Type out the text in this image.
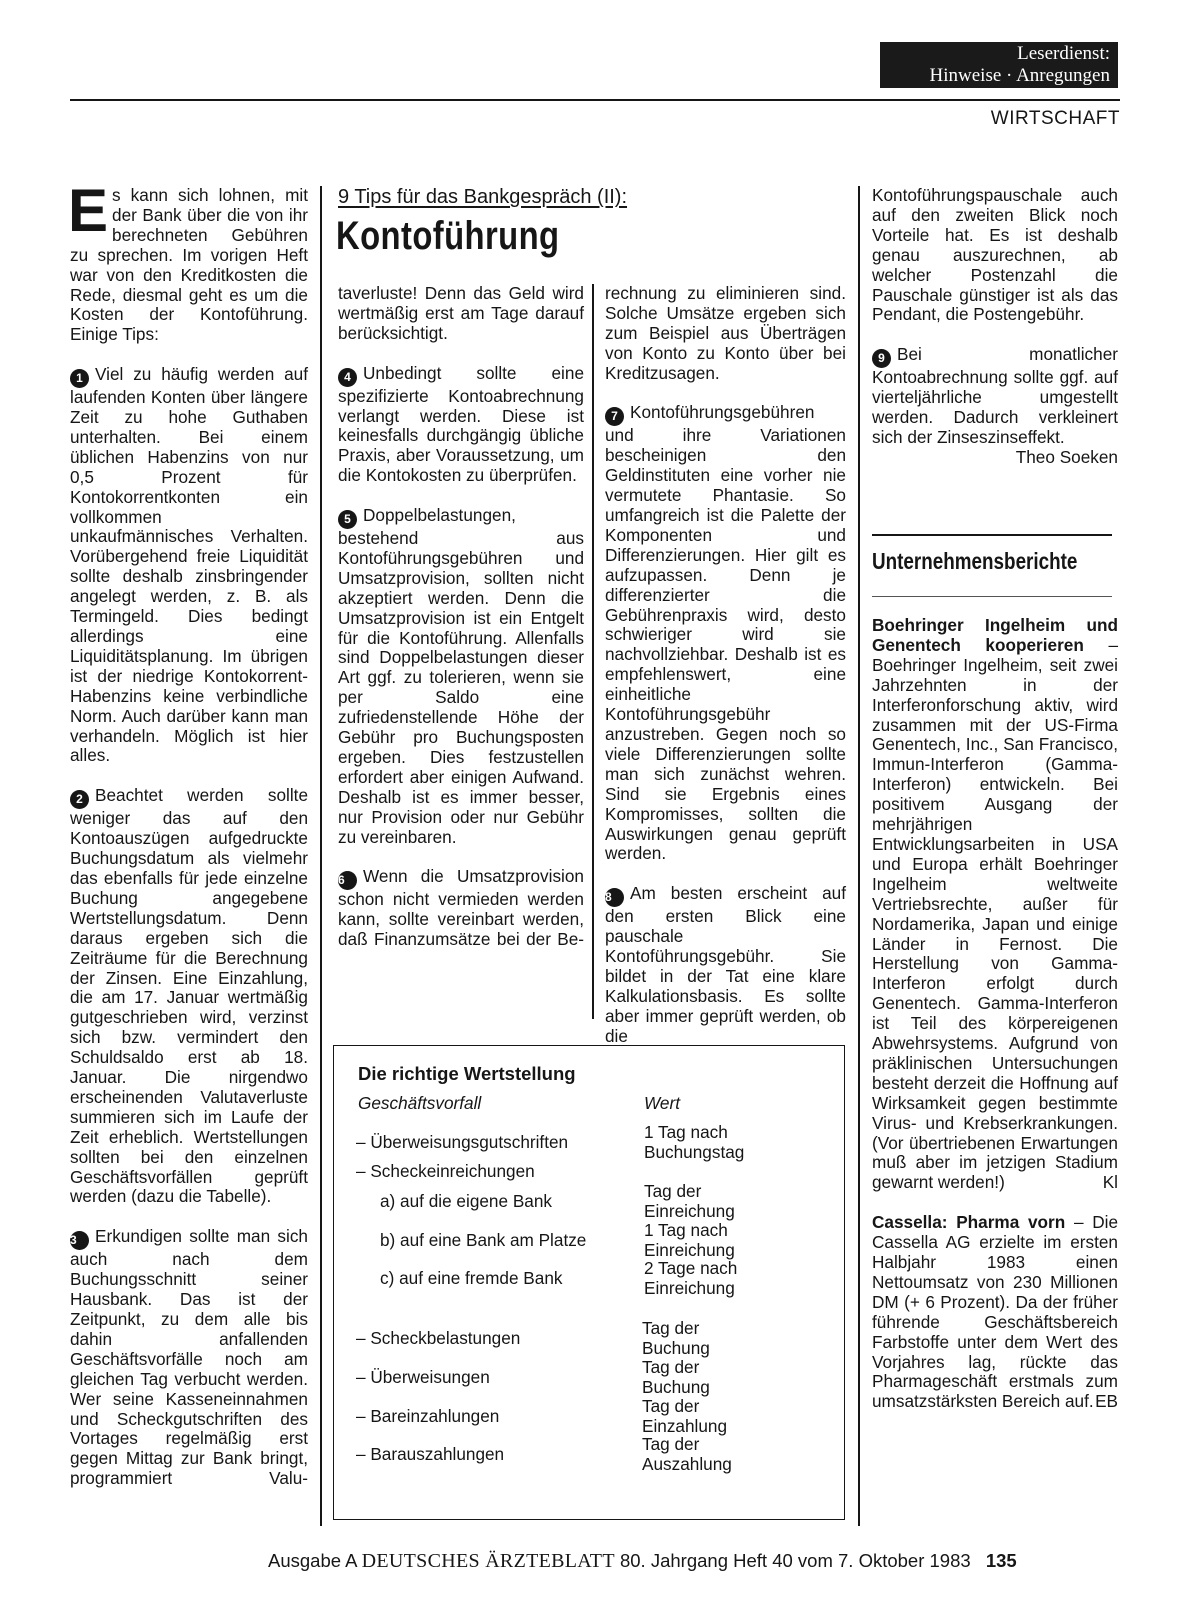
Leserdienst:
Hinweise · Anregungen
WIRTSCHAFT
9 Tips für das Bankgespräch (II):
Kontoführung

Es kann sich lohnen, mit der Bank über die von ihr berechneten Gebühren zu sprechen. Im vorigen Heft war von den Kreditkosten die Rede, diesmal geht es um die Kosten der Kontoführung. Einige Tips:

1 Viel zu häufig werden auf laufenden Konten über längere Zeit zu hohe Guthaben unterhalten. Bei einem üblichen Habenzins von nur 0,5 Prozent für Kontokorrentkonten ein vollkommen unkaufmännisches Verhalten. Vorübergehend freie Liquidität sollte deshalb zinsbringender angelegt werden, z. B. als Termingeld. Dies bedingt allerdings eine Liquiditätsplanung. Im übrigen ist der niedrige Kontokorrent-Habenzins keine verbindliche Norm. Auch darüber kann man verhandeln. Möglich ist hier alles.

2 Beachtet werden sollte weniger das auf den Kontoauszügen aufgedruckte Buchungsdatum als vielmehr das ebenfalls für jede einzelne Buchung angegebene Wertstellungsdatum. Denn daraus ergeben sich die Zeiträume für die Berechnung der Zinsen. Eine Einzahlung, die am 17. Januar wertmäßig gutgeschrieben wird, verzinst sich bzw. vermindert den Schuldsaldo erst ab 18. Januar. Die nirgendwo erscheinenden Valutaverluste summieren sich im Laufe der Zeit erheblich. Wertstellungen sollten bei den einzelnen Geschäftsvorfällen geprüft werden (dazu die Tabelle).

3 Erkundigen sollte man sich auch nach dem Buchungsschnitt seiner Hausbank. Das ist der Zeitpunkt, zu dem alle bis dahin anfallenden Geschäftsvorfälle noch am gleichen Tag verbucht werden. Wer seine Kasseneinnahmen und Scheckgutschriften des Vortages regelmäßig erst gegen Mittag zur Bank bringt, programmiert Valu-

taverluste! Denn das Geld wird wertmäßig erst am Tage darauf berücksichtigt.

4 Unbedingt sollte eine spezifizierte Kontoabrechnung verlangt werden. Diese ist keinesfalls durchgängig übliche Praxis, aber Voraussetzung, um die Kontokosten zu überprüfen.

5 Doppelbelastungen, bestehend aus Kontoführungsgebühren und Umsatzprovision, sollten nicht akzeptiert werden. Denn die Umsatzprovision ist ein Entgelt für die Kontoführung. Allenfalls sind Doppelbelastungen dieser Art ggf. zu tolerieren, wenn sie per Saldo eine zufriedenstellende Höhe der Gebühr pro Buchungsposten ergeben. Dies festzustellen erfordert aber einigen Aufwand. Deshalb ist es immer besser, nur Provision oder nur Gebühr zu vereinbaren.

6 Wenn die Umsatzprovision schon nicht vermieden werden kann, sollte vereinbart werden, daß Finanzumsätze bei der Be-

rechnung zu eliminieren sind. Solche Umsätze ergeben sich zum Beispiel aus Überträgen von Konto zu Konto über bei Kreditzusagen.

7 Kontoführungsgebühren und ihre Variationen bescheinigen den Geldinstituten eine vorher nie vermutete Phantasie. So umfangreich ist die Palette der Komponenten und Differenzierungen. Hier gilt es aufzupassen. Denn je differenzierter die Gebührenpraxis wird, desto schwieriger wird sie nachvollziehbar. Deshalb ist es empfehlenswert, eine einheitliche Kontoführungsgebühr anzustreben. Gegen noch so viele Differenzierungen sollte man sich zunächst wehren. Sind sie Ergebnis eines Kompromisses, sollten die Auswirkungen genau geprüft werden.

8 Am besten erscheint auf den ersten Blick eine pauschale Kontoführungsgebühr. Sie bildet in der Tat eine klare Kalkulationsbasis. Es sollte aber immer geprüft werden, ob die

Kontoführungspauschale auch auf den zweiten Blick noch Vorteile hat. Es ist deshalb genau auszurechnen, ab welcher Postenzahl die Pauschale günstiger ist als das Pendant, die Postengebühr.

9 Bei monatlicher Kontoabrechnung sollte ggf. auf vierteljährliche umgestellt werden. Dadurch verkleinert sich der Zinseszinseffekt.
Theo Soeken

Unternehmensberichte

Boehringer Ingelheim und Genentech kooperieren – Boehringer Ingelheim, seit zwei Jahrzehnten in der Interferonforschung aktiv, wird zusammen mit der US-Firma Genentech, Inc., San Francisco, Immun-Interferon (Gamma-Interferon) entwickeln. Bei positivem Ausgang der mehrjährigen Entwicklungsarbeiten in USA und Europa erhält Boehringer Ingelheim weltweite Vertriebsrechte, außer für Nordamerika, Japan und einige Länder in Fernost. Die Herstellung von Gamma-Interferon erfolgt durch Genentech. Gamma-Interferon ist Teil des körpereigenen Abwehrsystems. Aufgrund von präklinischen Untersuchungen besteht derzeit die Hoffnung auf Wirksamkeit gegen bestimmte Virus- und Krebserkrankungen. (Vor übertriebenen Erwartungen muß aber im jetzigen Stadium gewarnt werden!)	Kl

Cassella: Pharma vorn – Die Cassella AG erzielte im ersten Halbjahr 1983 einen Nettoumsatz von 230 Millionen DM (+ 6 Prozent). Da der früher führende Geschäftsbereich Farbstoffe unter dem Wert des Vorjahres lag, rückte das Pharmageschäft erstmals zum umsatzstärksten Bereich auf. EB

Die richtige Wertstellung
Geschäftsvorfall	Wert
– Überweisungsgutschriften	1 Tag nach
Buchungstag
– Scheckeinreichungen
a) auf die eigene Bank	Tag der
Einreichung
b) auf eine Bank am Platze	1 Tag nach
Einreichung
c) auf eine fremde Bank	2 Tage nach
Einreichung
– Scheckbelastungen	Tag der
Buchung
– Überweisungen	Tag der
Buchung
– Bareinzahlungen	Tag der
Einzahlung
– Barauszahlungen	Tag der
Auszahlung
Ausgabe A DEUTSCHES ÄRZTEBLATT 80. Jahrgang Heft 40 vom 7. Oktober 1983 135
